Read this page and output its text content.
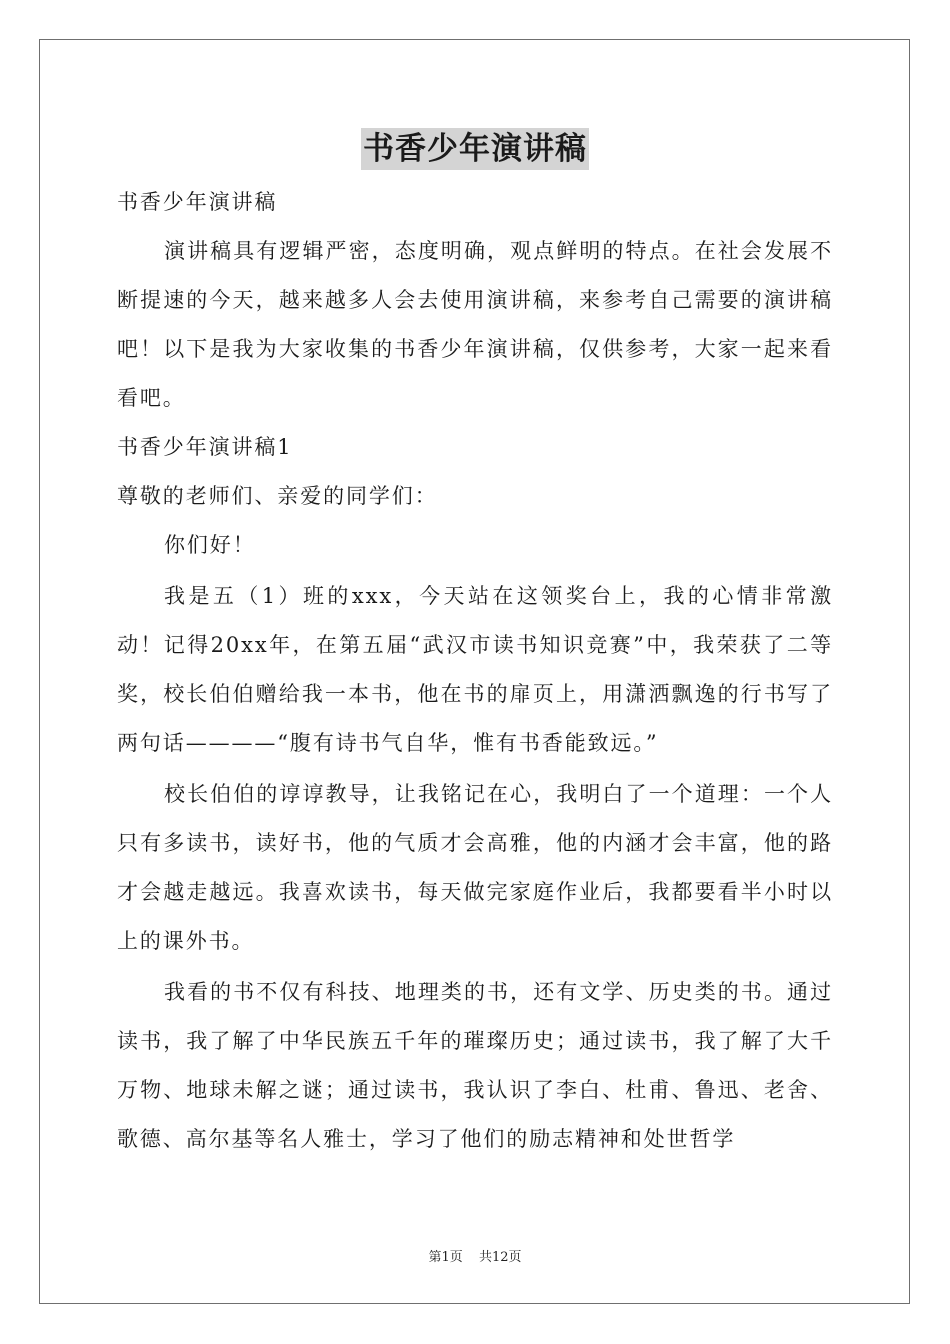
书香少年演讲稿

书香少年演讲稿

演讲稿具有逻辑严密，态度明确，观点鲜明的特点。在社会发展不断提速的今天，越来越多人会去使用演讲稿，来参考自己需要的演讲稿吧！以下是我为大家收集的书香少年演讲稿，仅供参考，大家一起来看看吧。

书香少年演讲稿1

尊敬的老师们、亲爱的同学们：

你们好！

我是五（1）班的xxx，今天站在这领奖台上，我的心情非常激动！记得20xx年，在第五届“武汉市读书知识竞赛”中，我荣获了二等奖，校长伯伯赠给我一本书，他在书的扉页上，用潇洒飘逸的行书写了两句话————“腹有诗书气自华，惟有书香能致远。”

校长伯伯的谆谆教导，让我铭记在心，我明白了一个道理：一个人只有多读书，读好书，他的气质才会高雅，他的内涵才会丰富，他的路才会越走越远。我喜欢读书，每天做完家庭作业后，我都要看半小时以上的课外书。

我看的书不仅有科技、地理类的书，还有文学、历史类的书。通过读书，我了解了中华民族五千年的璀璨历史；通过读书，我了解了大千万物、地球未解之谜；通过读书，我认识了李白、杜甫、鲁迅、老舍、歌德、高尔基等名人雅士，学习了他们的励志精神和处世哲学

第1页 共12页
